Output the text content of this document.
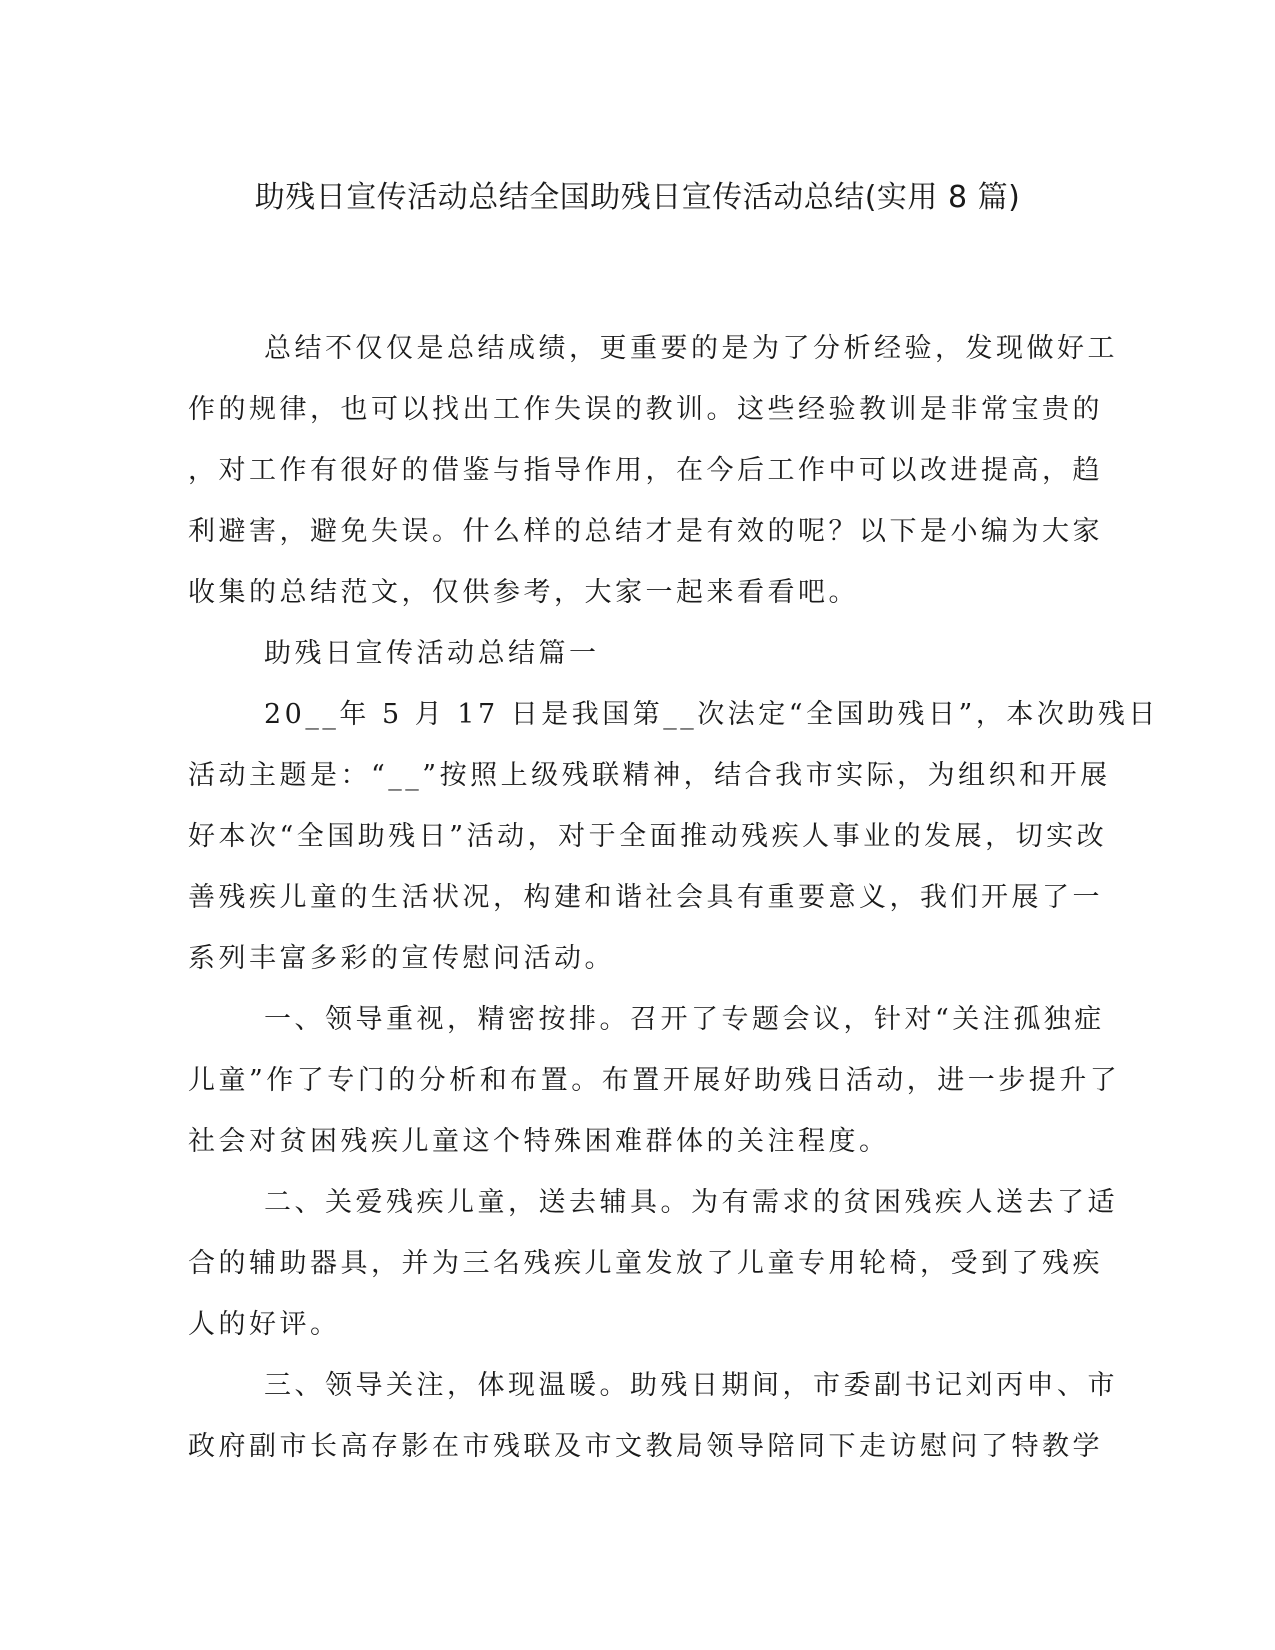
助残日宣传活动总结全国助残日宣传活动总结(实用 8 篇)
总结不仅仅是总结成绩，更重要的是为了分析经验，发现做好工
作的规律，也可以找出工作失误的教训。这些经验教训是非常宝贵的
，对工作有很好的借鉴与指导作用，在今后工作中可以改进提高，趋
利避害，避免失误。什么样的总结才是有效的呢？以下是小编为大家
收集的总结范文，仅供参考，大家一起来看看吧。
助残日宣传活动总结篇一
20__年 5 月 17 日是我国第__次法定“全国助残日”，本次助残日
活动主题是：“__”按照上级残联精神，结合我市实际，为组织和开展
好本次“全国助残日”活动，对于全面推动残疾人事业的发展，切实改
善残疾儿童的生活状况，构建和谐社会具有重要意义，我们开展了一
系列丰富多彩的宣传慰问活动。
一、领导重视，精密按排。召开了专题会议，针对“关注孤独症
儿童”作了专门的分析和布置。布置开展好助残日活动，进一步提升了
社会对贫困残疾儿童这个特殊困难群体的关注程度。
二、关爱残疾儿童，送去辅具。为有需求的贫困残疾人送去了适
合的辅助器具，并为三名残疾儿童发放了儿童专用轮椅，受到了残疾
人的好评。
三、领导关注，体现温暖。助残日期间，市委副书记刘丙申、市
政府副市长高存影在市残联及市文教局领导陪同下走访慰问了特教学
